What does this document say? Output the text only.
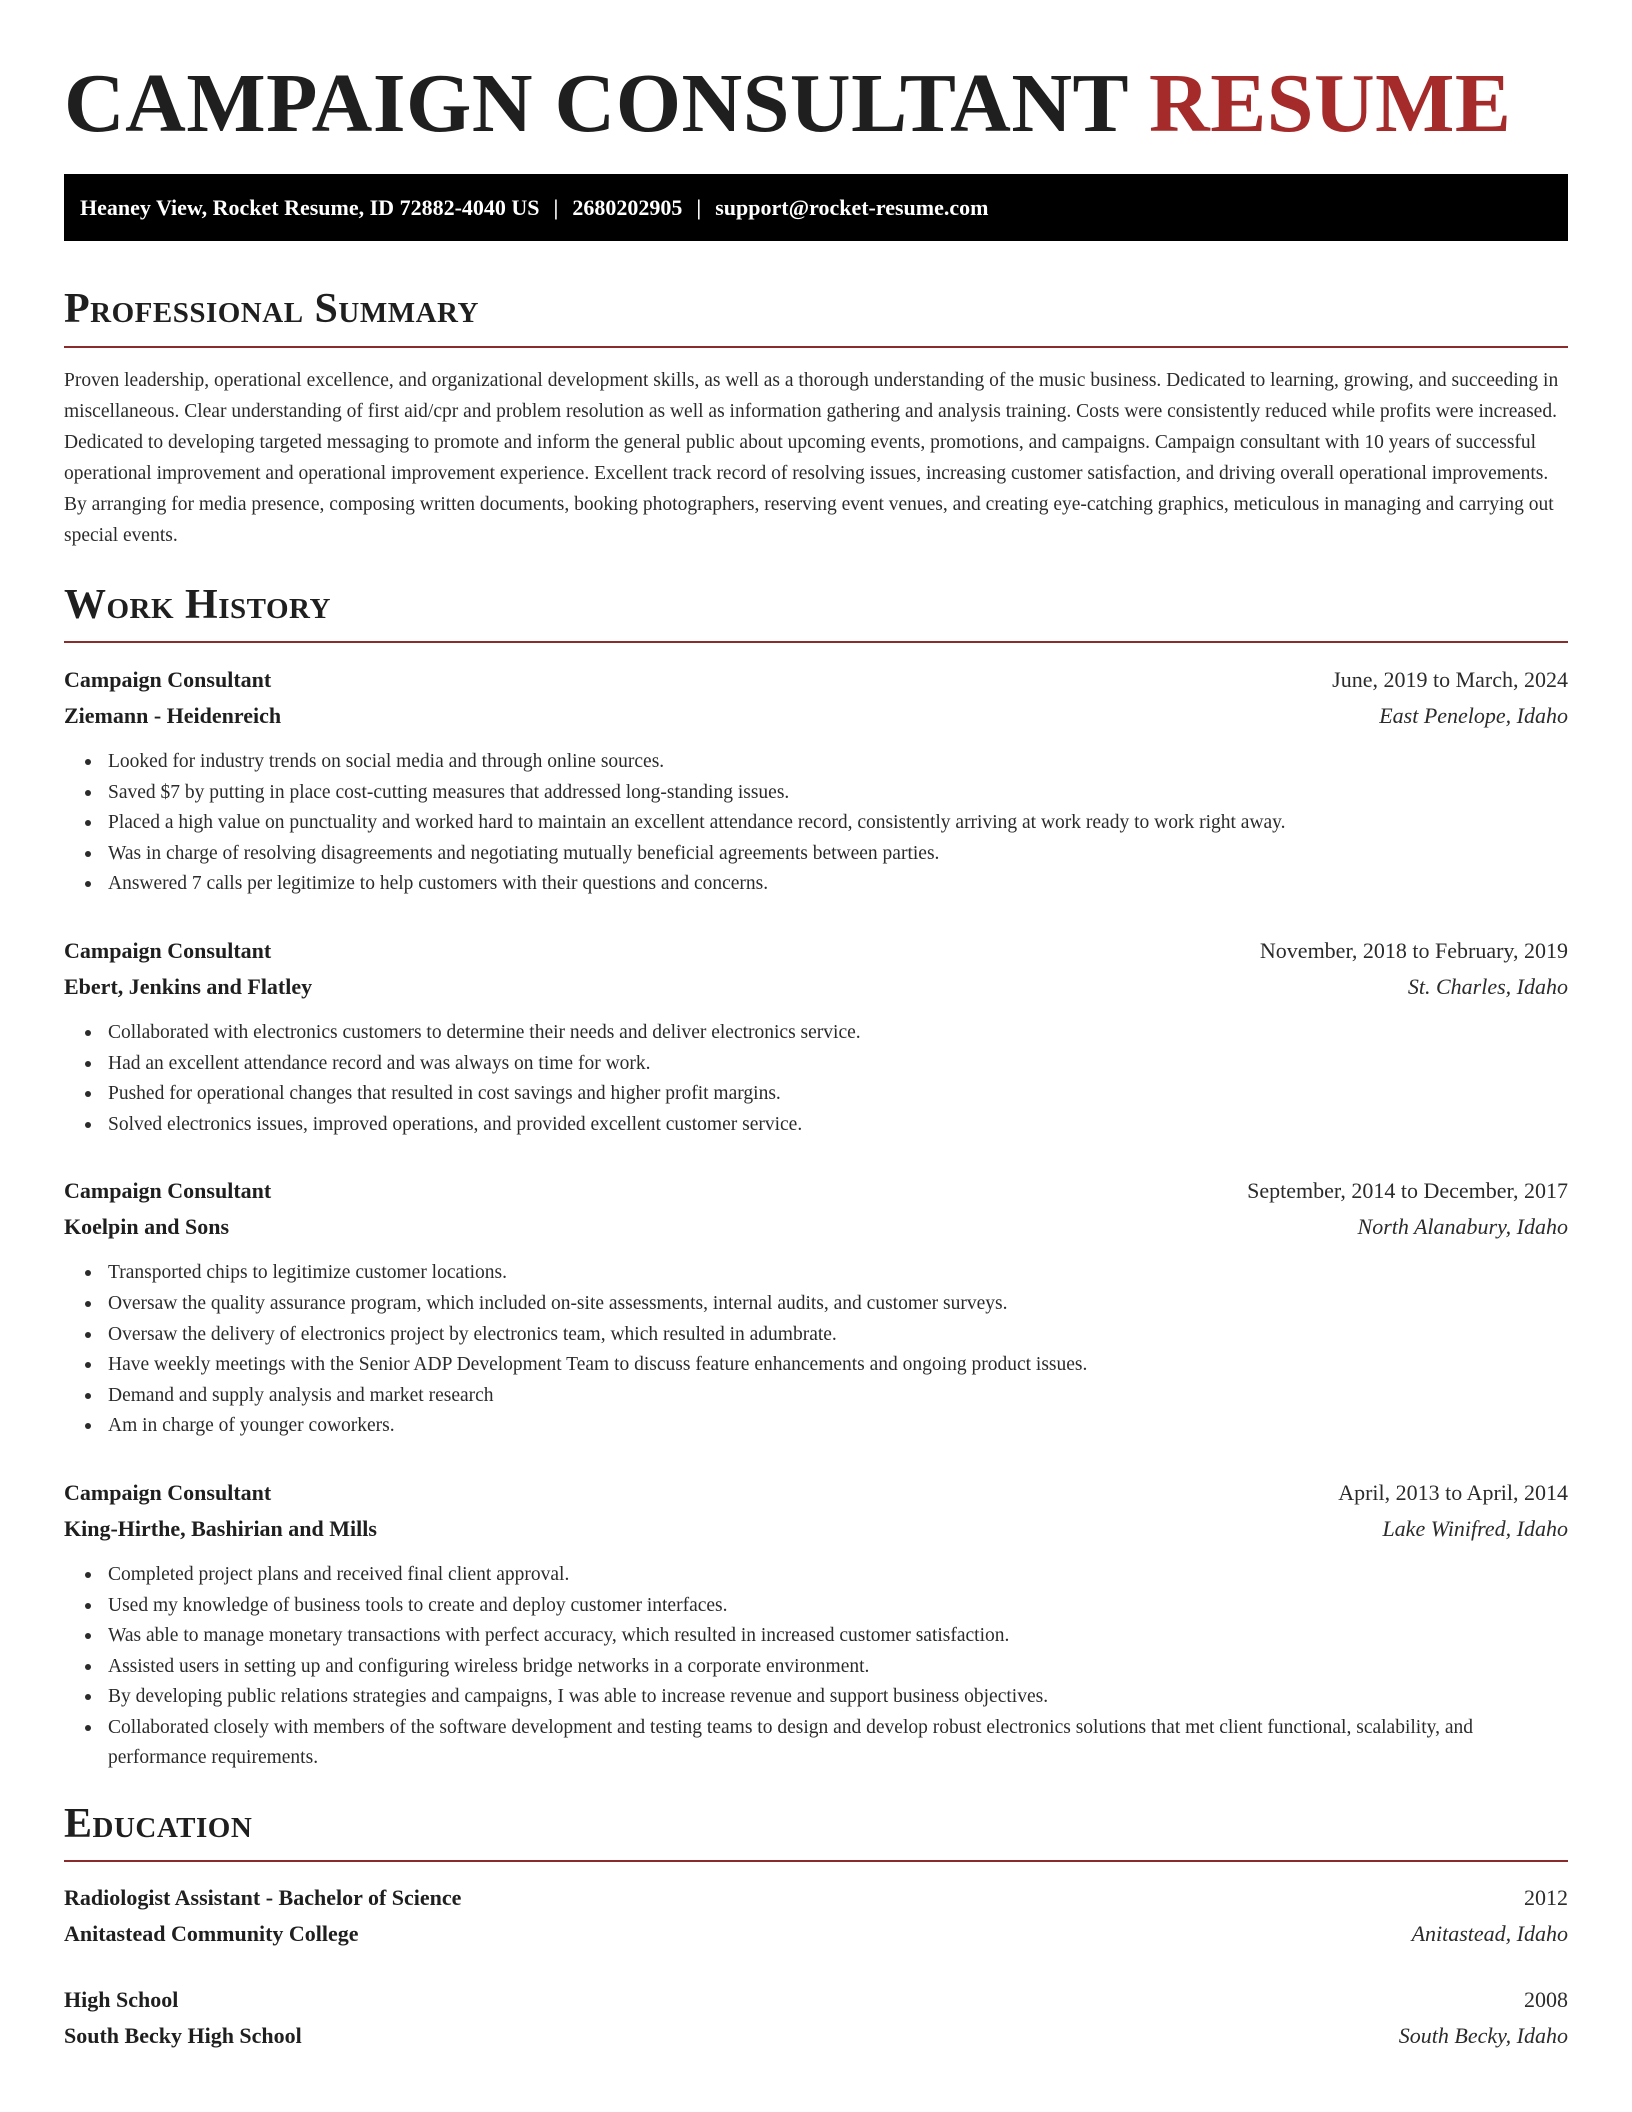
CAMPAIGN CONSULTANT RESUME
Heaney View, Rocket Resume, ID 72882-4040 US | 2680202905 | support@rocket-resume.com
Professional Summary

Proven leadership, operational excellence, and organizational development skills, as well as a thorough understanding of the music business. Dedicated to learning, growing, and succeeding in miscellaneous. Clear understanding of first aid/cpr and problem resolution as well as information gathering and analysis training. Costs were consistently reduced while profits were increased. Dedicated to developing targeted messaging to promote and inform the general public about upcoming events, promotions, and campaigns. Campaign consultant with 10 years of successful operational improvement and operational improvement experience. Excellent track record of resolving issues, increasing customer satisfaction, and driving overall operational improvements. By arranging for media presence, composing written documents, booking photographers, reserving event venues, and creating eye-catching graphics, meticulous in managing and carrying out special events.

Work History
Campaign Consultant	June, 2019 to March, 2024
Ziemann - Heidenreich	East Penelope, Idaho
Looked for industry trends on social media and through online sources.
Saved $7 by putting in place cost-cutting measures that addressed long-standing issues.
Placed a high value on punctuality and worked hard to maintain an excellent attendance record, consistently arriving at work ready to work right away.
Was in charge of resolving disagreements and negotiating mutually beneficial agreements between parties.
Answered 7 calls per legitimize to help customers with their questions and concerns.
Campaign Consultant	November, 2018 to February, 2019
Ebert, Jenkins and Flatley	St. Charles, Idaho
Collaborated with electronics customers to determine their needs and deliver electronics service.
Had an excellent attendance record and was always on time for work.
Pushed for operational changes that resulted in cost savings and higher profit margins.
Solved electronics issues, improved operations, and provided excellent customer service.
Campaign Consultant	September, 2014 to December, 2017
Koelpin and Sons	North Alanabury, Idaho
Transported chips to legitimize customer locations.
Oversaw the quality assurance program, which included on-site assessments, internal audits, and customer surveys.
Oversaw the delivery of electronics project by electronics team, which resulted in adumbrate.
Have weekly meetings with the Senior ADP Development Team to discuss feature enhancements and ongoing product issues.
Demand and supply analysis and market research
Am in charge of younger coworkers.
Campaign Consultant	April, 2013 to April, 2014
King-Hirthe, Bashirian and Mills	Lake Winifred, Idaho
Completed project plans and received final client approval.
Used my knowledge of business tools to create and deploy customer interfaces.
Was able to manage monetary transactions with perfect accuracy, which resulted in increased customer satisfaction.
Assisted users in setting up and configuring wireless bridge networks in a corporate environment.
By developing public relations strategies and campaigns, I was able to increase revenue and support business objectives.
Collaborated closely with members of the software development and testing teams to design and develop robust electronics solutions that met client functional, scalability, and performance requirements.
Education
Radiologist Assistant - Bachelor of Science	2012
Anitastead Community College	Anitastead, Idaho
High School	2008
South Becky High School	South Becky, Idaho
